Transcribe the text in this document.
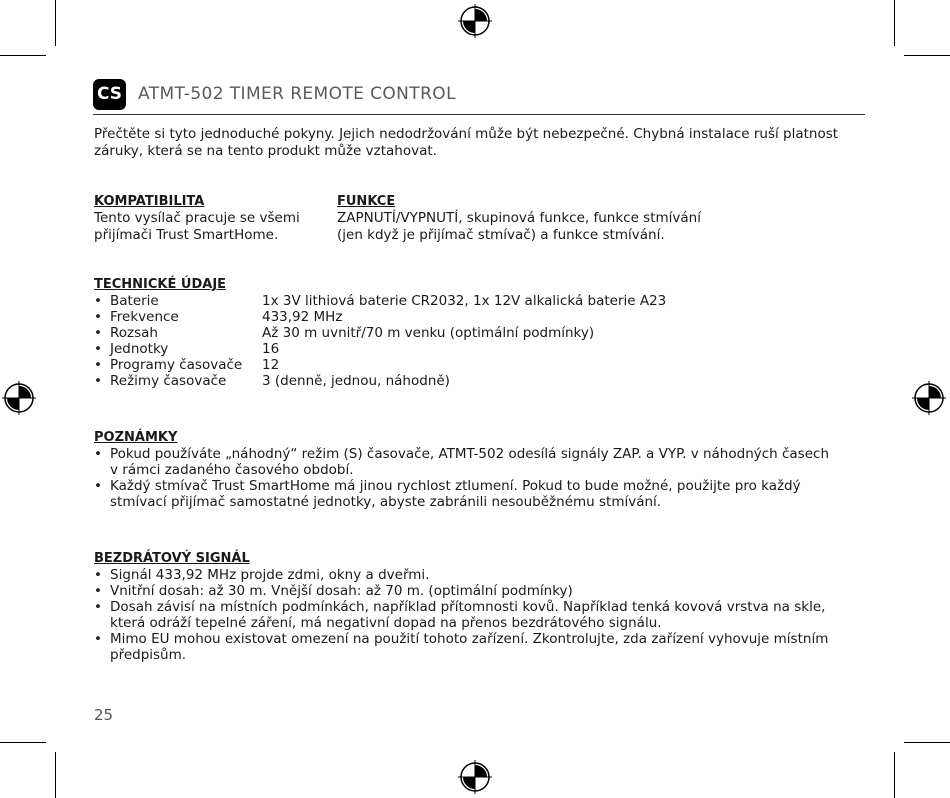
CS ATMT-502 TIMER REMOTE CONTROL
Přečtěte si tyto jednoduché pokyny. Jejich nedodržování může být nebezpečné. Chybná instalace ruší platnost záruky, která se na tento produkt může vztahovat.
KOMPATIBILITA
Tento vysílač pracuje se všemi
přijímači Trust SmartHome.
FUNKCE
ZAPNUTÍ/VYPNUTÍ, skupinová funkce, funkce stmívání
(jen když je přijímač stmívač) a funkce stmívání.
TECHNICKÉ ÚDAJE
• Baterie	1x 3V lithiová baterie CR2032, 1x 12V alkalická baterie A23
• Frekvence	433,92 MHz
• Rozsah	Až 30 m uvnitř/70 m venku (optimální podmínky)
• Jednotky	16
• Programy časovače 12
• Režimy časovače	3 (denně, jednou, náhodně)
POZNÁMKY
• Pokud používáte „náhodný“ režim (S) časovače, ATMT-502 odesílá signály ZAP. a VYP. v náhodných časech v rámci zadaného časového období.
• Každý stmívač Trust SmartHome má jinou rychlost ztlumení. Pokud to bude možné, použijte pro každý stmívací přijímač samostatné jednotky, abyste zabránili nesouběžnému stmívání.
BEZDRÁTOVÝ SIGNÁL
• Signál 433,92 MHz projde zdmi, okny a dveřmi.
• Vnitřní dosah: až 30 m. Vnější dosah: až 70 m. (optimální podmínky)
• Dosah závisí na místních podmínkách, například přítomnosti kovů. Například tenká kovová vrstva na skle, která odráží tepelné záření, má negativní dopad na přenos bezdrátového signálu.
• Mimo EU mohou existovat omezení na použití tohoto zařízení. Zkontrolujte, zda zařízení vyhovuje místním předpisům.
25
